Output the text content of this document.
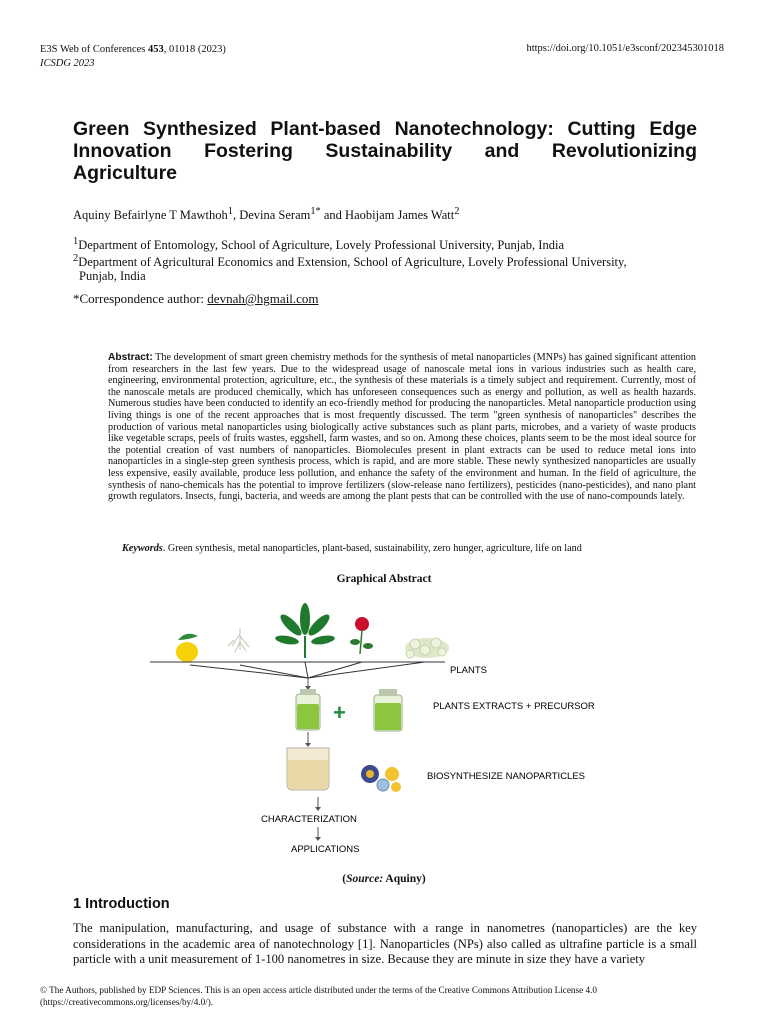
E3S Web of Conferences 453, 01018 (2023)
ICSDG 2023
https://doi.org/10.1051/e3sconf/202345301018
Green Synthesized Plant-based Nanotechnology: Cutting Edge Innovation Fostering Sustainability and Revolutionizing Agriculture
Aquiny Befairlyne T Mawthoh$^1$, Devina Seram$^{1*}$ and Haobijam James Watt$^2$
$^1$Department of Entomology, School of Agriculture, Lovely Professional University, Punjab, India
$^2$Department of Agricultural Economics and Extension, School of Agriculture, Lovely Professional University,
Punjab, India
*Correspondence author: devnah@hgmail.com
Abstract: The development of smart green chemistry methods for the synthesis of metal nanoparticles (MNPs) has gained significant attention from researchers in the last few years. Due to the widespread usage of nanoscale metal ions in various industries such as health care, engineering, environmental protection, agriculture, etc., the synthesis of these materials is a timely subject and requirement. Currently, most of the nanoscale metals are produced chemically, which has unforeseen consequences such as energy and pollution, as well as health hazards. Numerous studies have been conducted to identify an eco-friendly method for producing the nanoparticles. Metal nanoparticle production using living things is one of the recent approaches that is most frequently discussed. The term "green synthesis of nanoparticles" describes the production of various metal nanoparticles using biologically active substances such as plant parts, microbes, and a variety of waste products like vegetable scraps, peels of fruits wastes, eggshell, farm wastes, and so on. Among these choices, plants seem to be the most ideal source for the potential creation of vast numbers of nanoparticles. Biomolecules present in plant extracts can be used to reduce metal ions into nanoparticles in a single-step green synthesis process, which is rapid, and are more stable. These newly synthesized nanoparticles are usually less expensive, easily available, produce less pollution, and enhance the safety of the environment and human. In the field of agriculture, the synthesis of nano-chemicals has the potential to improve fertilizers (slow-release nano fertilizers), pesticides (nano-pesticides), and nano plant growth regulators. Insects, fungi, bacteria, and weeds are among the plant pests that can be controlled with the use of nano-compounds lately.
Keywords. Green synthesis, metal nanoparticles, plant-based, sustainability, zero hunger, agriculture, life on land
Graphical Abstract
PLANTS
+	PLANTS EXTRACTS + PRECURSOR
BIOSYNTHESIZE NANOPARTICLES
CHARACTERIZATION
APPLICATIONS
(Source: Aquiny)
1 Introduction
The manipulation, manufacturing, and usage of substance with a range in nanometres (nanoparticles) are the key considerations in the academic area of nanotechnology [1]. Nanoparticles (NPs) also called as ultrafine particle is a small particle with a unit measurement of 1-100 nanometres in size. Because they are minute in size they have a variety
© The Authors, published by EDP Sciences. This is an open access article distributed under the terms of the Creative Commons Attribution License 4.0
(https://creativecommons.org/licenses/by/4.0/).
